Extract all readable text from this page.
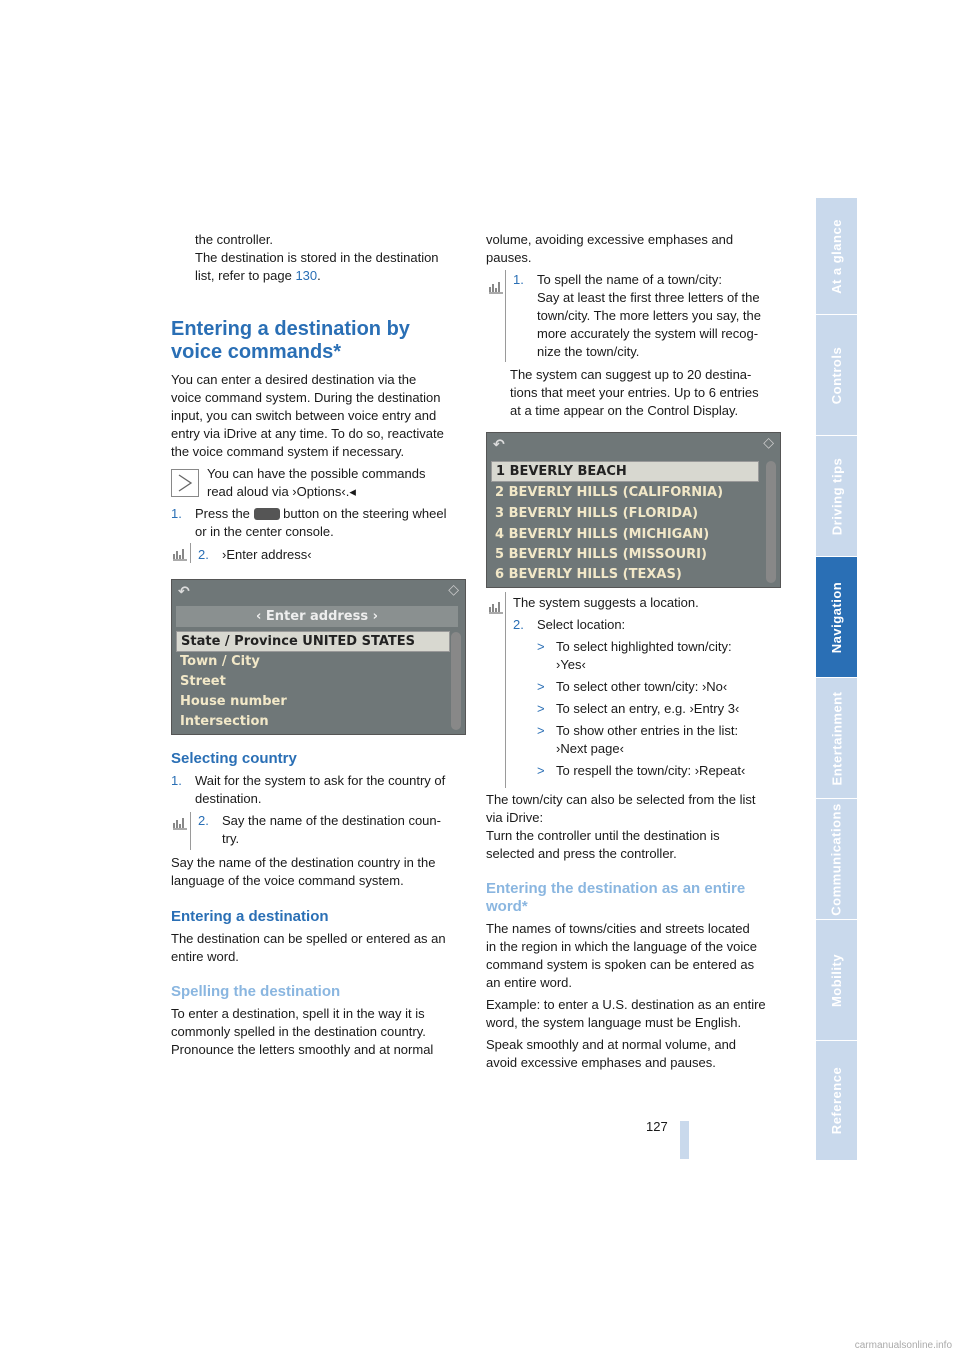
the controller.
The destination is stored in the destination
list, refer to page 130.
Entering a destination by
voice commands*
You can enter a desired destination via the
voice command system. During the destination
input, you can switch between voice entry and
entry via iDrive at any time. To do so, reactivate
the voice command system if necessary.
You can have the possible commands
read aloud via ›Options‹.◂
1. Press the  button on the steering wheel
or in the center console.
2. ›Enter address‹
↶	◇
‹ Enter address ›
State / Province UNITED STATES
Town / City
Street
House number
Intersection
Selecting country
1. Wait for the system to ask for the country of
destination.
2. Say the name of the destination coun-
try.
Say the name of the destination country in the
language of the voice command system.
Entering a destination
The destination can be spelled or entered as an
entire word.
Spelling the destination
To enter a destination, spell it in the way it is
commonly spelled in the destination country.
Pronounce the letters smoothly and at normal
volume, avoiding excessive emphases and
pauses.
1. To spell the name of a town/city:
Say at least the first three letters of the
town/city. The more letters you say, the
more accurately the system will recog-
nize the town/city.
The system can suggest up to 20 destina-
tions that meet your entries. Up to 6 entries
at a time appear on the Control Display.
↶	◇
1 BEVERLY BEACH
2 BEVERLY HILLS (CALIFORNIA)
3 BEVERLY HILLS (FLORIDA)
4 BEVERLY HILLS (MICHIGAN)
5 BEVERLY HILLS (MISSOURI)
6 BEVERLY HILLS (TEXAS)
The system suggests a location.
2. Select location:
> To select highlighted town/city:
›Yes‹
> To select other town/city: ›No‹
> To select an entry, e.g. ›Entry 3‹
> To show other entries in the list:
›Next page‹
> To respell the town/city: ›Repeat‹
The town/city can also be selected from the list
via iDrive:
Turn the controller until the destination is
selected and press the controller.
Entering the destination as an entire
word*
The names of towns/cities and streets located
in the region in which the language of the voice
command system is spoken can be entered as
an entire word.
Example: to enter a U.S. destination as an entire
word, the system language must be English.
Speak smoothly and at normal volume, and
avoid excessive emphases and pauses.
127
At a glance
Controls
Driving tips
Navigation
Entertainment
Communications
Mobility
Reference
carmanualsonline.info
